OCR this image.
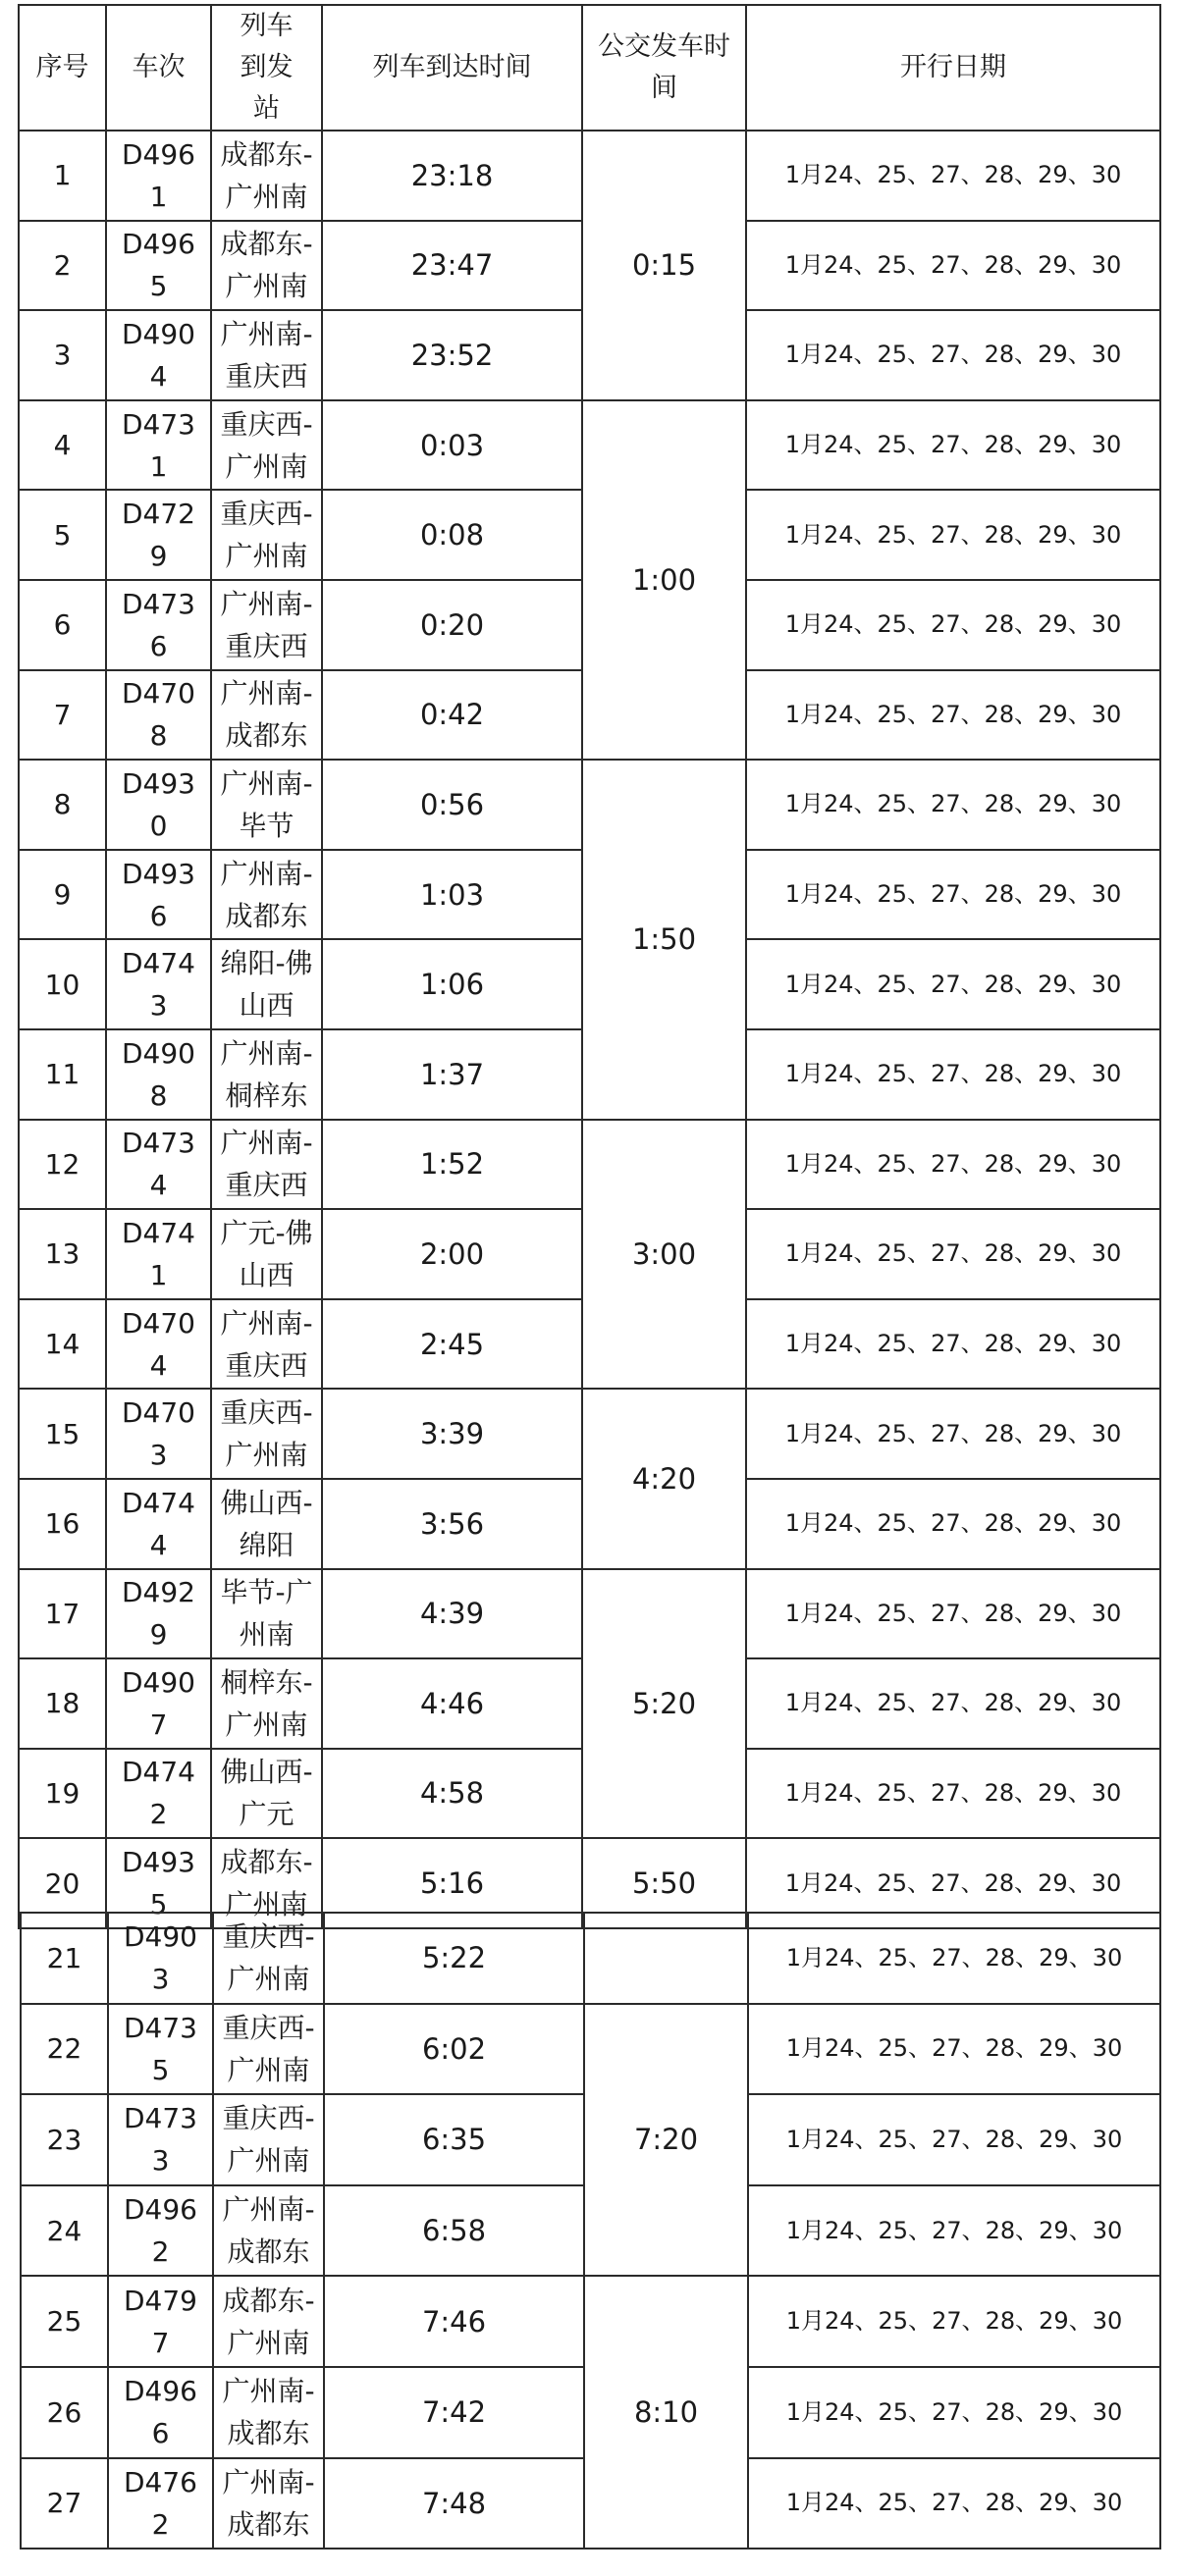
序号	车次	列车到发站	列车到达时间	公交发车时间	开行日期
1	D4961	成都东-广州南	23:18	0:15	1月24、25、27、28、29、30
2	D4965	成都东-广州南	23:47		1月24、25、27、28、29、30
3	D4904	广州南-重庆西	23:52		1月24、25、27、28、29、30
4	D4731	重庆西-广州南	0:03	1:00	1月24、25、27、28、29、30
5	D4729	重庆西-广州南	0:08		1月24、25、27、28、29、30
6	D4736	广州南-重庆西	0:20		1月24、25、27、28、29、30
7	D4708	广州南-成都东	0:42		1月24、25、27、28、29、30
8	D4930	广州南-毕节	0:56	1:50	1月24、25、27、28、29、30
9	D4936	广州南-成都东	1:03		1月24、25、27、28、29、30
10	D4743	绵阳-佛山西	1:06		1月24、25、27、28、29、30
11	D4908	广州南-桐梓东	1:37		1月24、25、27、28、29、30
12	D4734	广州南-重庆西	1:52	3:00	1月24、25、27、28、29、30
13	D4741	广元-佛山西	2:00		1月24、25、27、28、29、30
14	D4704	广州南-重庆西	2:45		1月24、25、27、28、29、30
15	D4703	重庆西-广州南	3:39	4:20	1月24、25、27、28、29、30
16	D4744	佛山西-绵阳	3:56		1月24、25、27、28、29、30
17	D4929	毕节-广州南	4:39	5:20	1月24、25、27、28、29、30
18	D4907	桐梓东-广州南	4:46		1月24、25、27、28、29、30
19	D4742	佛山西-广元	4:58		1月24、25、27、28、29、30
20	D4935	成都东-广州南	5:16	5:50	1月24、25、27、28、29、30
21	D4903	重庆西-广州南	5:22		1月24、25、27、28、29、30
22	D4735	重庆西-广州南	6:02	7:20	1月24、25、27、28、29、30
23	D4733	重庆西-广州南	6:35		1月24、25、27、28、29、30
24	D4962	广州南-成都东	6:58		1月24、25、27、28、29、30
25	D4797	成都东-广州南	7:46	8:10	1月24、25、27、28、29、30
26	D4966	广州南-成都东	7:42		1月24、25、27、28、29、30
27	D4762	广州南-成都东	7:48		1月24、25、27、28、29、30
